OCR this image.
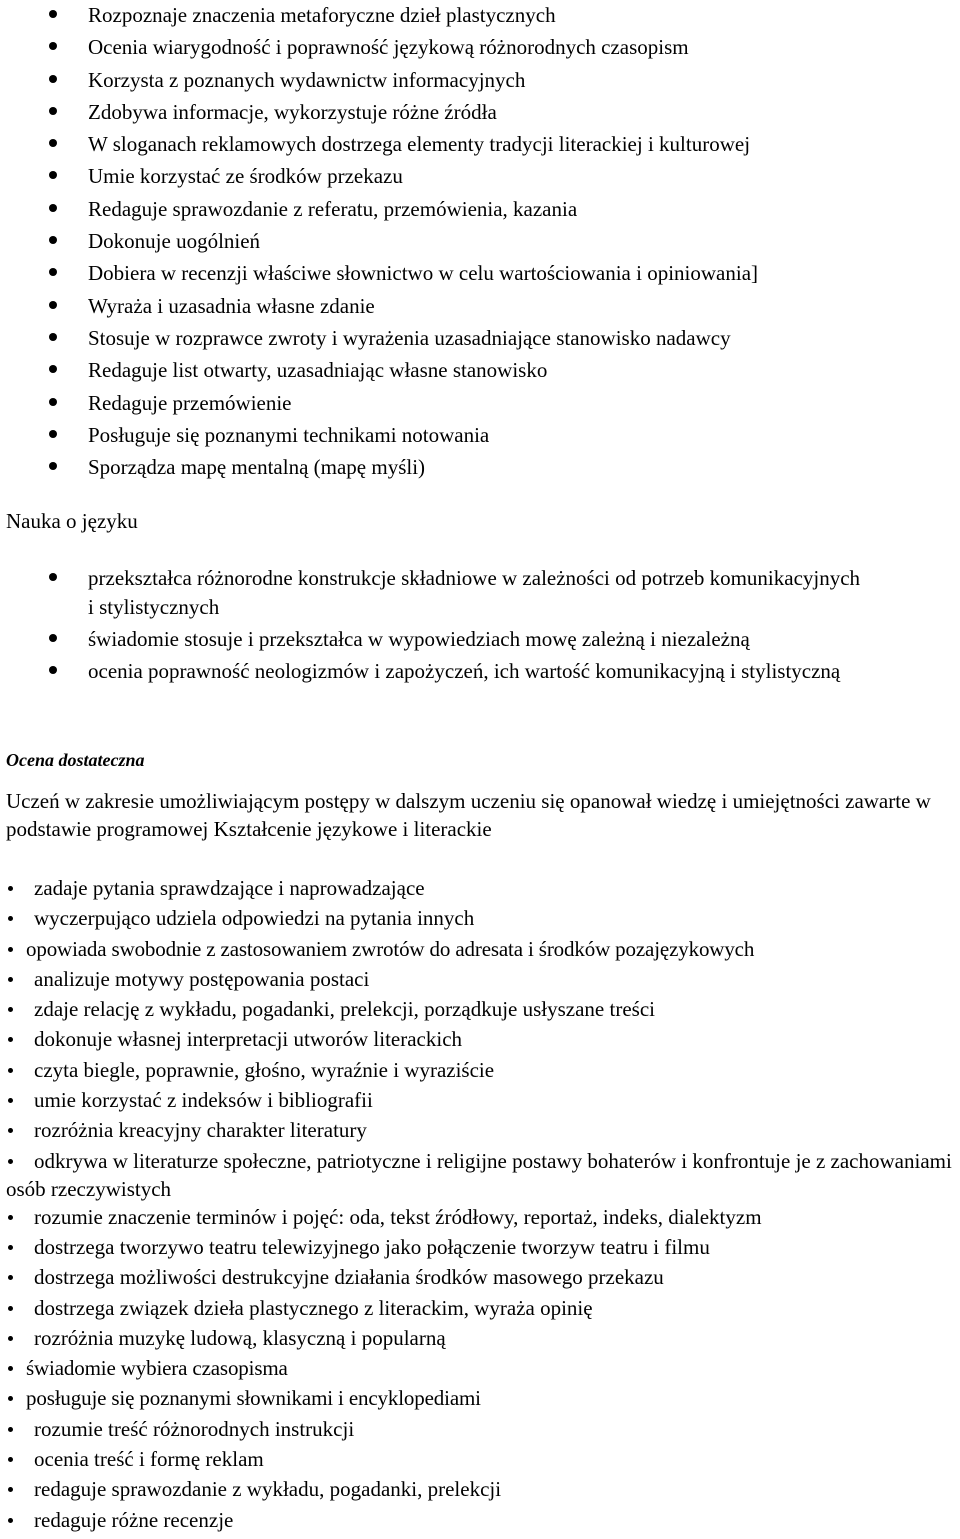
Rozpoznaje znaczenia metaforyczne dzieł plastycznych
Ocenia wiarygodność i poprawność językową różnorodnych czasopism
Korzysta z poznanych wydawnictw informacyjnych
Zdobywa informacje, wykorzystuje różne źródła
W sloganach reklamowych dostrzega elementy tradycji literackiej i kulturowej
Umie korzystać ze środków przekazu
Redaguje sprawozdanie z referatu, przemówienia, kazania
Dokonuje uogólnień
Dobiera w recenzji właściwe słownictwo w celu wartościowania i opiniowania]
Wyraża i uzasadnia własne zdanie
Stosuje w rozprawce zwroty i wyrażenia uzasadniające stanowisko nadawcy
Redaguje list otwarty, uzasadniając własne stanowisko
Redaguje przemówienie
Posługuje się poznanymi technikami notowania
Sporządza mapę mentalną (mapę myśli)
Nauka o języku
przekształca różnorodne konstrukcje składniowe w zależności od potrzeb komunikacyjnych i stylistycznych
świadomie stosuje i przekształca w wypowiedziach mowę zależną i niezależną
ocenia poprawność neologizmów i zapożyczeń, ich wartość komunikacyjną i stylistyczną
Ocena dostateczna
Uczeń w zakresie umożliwiającym postępy w dalszym uczeniu się opanował wiedzę i umiejętności zawarte w podstawie programowej Kształcenie językowe i literackie
zadaje pytania sprawdzające i naprowadzające
wyczerpująco udziela odpowiedzi na pytania innych
opowiada swobodnie z zastosowaniem zwrotów do adresata i środków pozajęzykowych
analizuje motywy postępowania postaci
zdaje relację z wykładu, pogadanki, prelekcji, porządkuje usłyszane treści
dokonuje własnej interpretacji utworów literackich
czyta biegle, poprawnie, głośno, wyraźnie i wyraziście
umie korzystać z indeksów i bibliografii
rozróżnia kreacyjny charakter literatury
odkrywa w literaturze społeczne, patriotyczne i religijne postawy bohaterów i konfrontuje je z zachowaniami osób rzeczywistych
rozumie znaczenie terminów i pojęć: oda, tekst źródłowy, reportaż, indeks, dialektyzm
dostrzega tworzywo teatru telewizyjnego jako połączenie tworzyw teatru i filmu
dostrzega możliwości destrukcyjne działania środków masowego przekazu
dostrzega związek dzieła plastycznego z literackim, wyraża opinię
rozróżnia muzykę ludową, klasyczną i popularną
świadomie wybiera czasopisma
posługuje się poznanymi słownikami i encyklopediami
rozumie treść różnorodnych instrukcji
ocenia treść i formę reklam
redaguje sprawozdanie z wykładu, pogadanki, prelekcji
redaguje różne recenzje
